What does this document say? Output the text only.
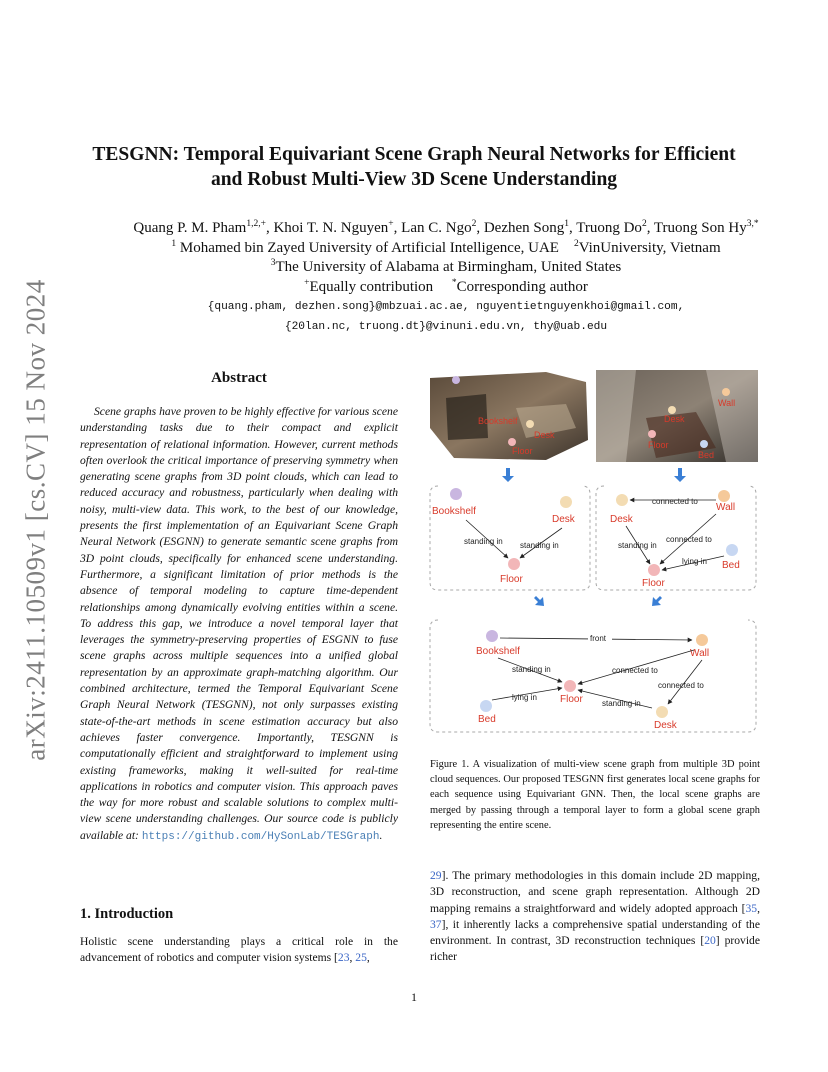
arXiv:2411.10509v1 [cs.CV] 15 Nov 2024
TESGNN: Temporal Equivariant Scene Graph Neural Networks for Efficient
and Robust Multi-View 3D Scene Understanding
Quang P. M. Pham$^{1,2,+}$, Khoi T. N. Nguyen+, Lan C. Ngo$^2$, Dezhen Song$^1$, Truong Do$^2$, Truong Son $Hy^{3,*}$
$^1$ Mohamed bin Zayed University of Artificial Intelligence, UAE $^2$VinUniversity, Vietnam
$^3$The University of Alabama at Birmingham, United States
+Equally contribution *Corresponding author
{quang.pham, dezhen.song}@mbzuai.ac.ae, nguyentietnguyenkhoi@gmail.com,
{20lan.nc, truong.dt}@vinuni.edu.vn, thy@uab.edu
Abstract

Scene graphs have proven to be highly effective for various scene understanding tasks due to their compact and explicit representation of relational information. However, current methods often overlook the critical importance of preserving symmetry when generating scene graphs from 3D point clouds, which can lead to reduced accuracy and robustness, particularly when dealing with noisy, multi-view data. This work, to the best of our knowledge, presents the first implementation of an Equivariant Scene Graph Neural Network (ESGNN) to generate semantic scene graphs from 3D point clouds, specifically for enhanced scene understanding. Furthermore, a significant limitation of prior methods is the absence of temporal modeling to capture time-dependent relationships among dynamically evolving entities within a scene. To address this gap, we introduce a novel temporal layer that leverages the symmetry-preserving properties of ESGNN to fuse scene graphs across multiple sequences into a unified global representation by an approximate graph-matching algorithm. Our combined architecture, termed the Temporal Equivariant Scene Graph Neural Network (TESGNN), not only surpasses existing state-of-the-art methods in scene estimation accuracy but also achieves faster convergence. Importantly, TESGNN is computationally efficient and straightforward to implement using existing frameworks, making it well-suited for real-time applications in robotics and computer vision. This approach paves the way for more robust and scalable solutions to complex multi-view scene understanding challenges. Our source code is publicly available at: https://github.com/HySonLab/TESGraph.

1. Introduction

Holistic scene understanding plays a critical role in the advancement of robotics and computer vision systems [23, 25,

Bookshelf
Desk
Floor
Wall
Desk
Floor
Bed
Bookshelf
Desk
Floor
standing in standing in
Desk
Wall
Floor
Bed
connected to
standing in
connected to
lying in
Bookshelf	Wall
Floor
Bed
Desk
front
standing in	connected to
connected to
standing in
lying in

Figure 1. A visualization of multi-view scene graph from multiple 3D point cloud sequences. Our proposed TESGNN first generates local scene graphs for each sequence using Equivariant GNN. Then, the local scene graphs are merged by passing through a temporal layer to form a global scene graph representing the entire scene.

29]. The primary methodologies in this domain include 2D mapping, 3D reconstruction, and scene graph representation. Although 2D mapping remains a straightforward and widely adopted approach [35, 37], it inherently lacks a comprehensive spatial understanding of the environment. In contrast, 3D reconstruction techniques [20] provide richer

1
